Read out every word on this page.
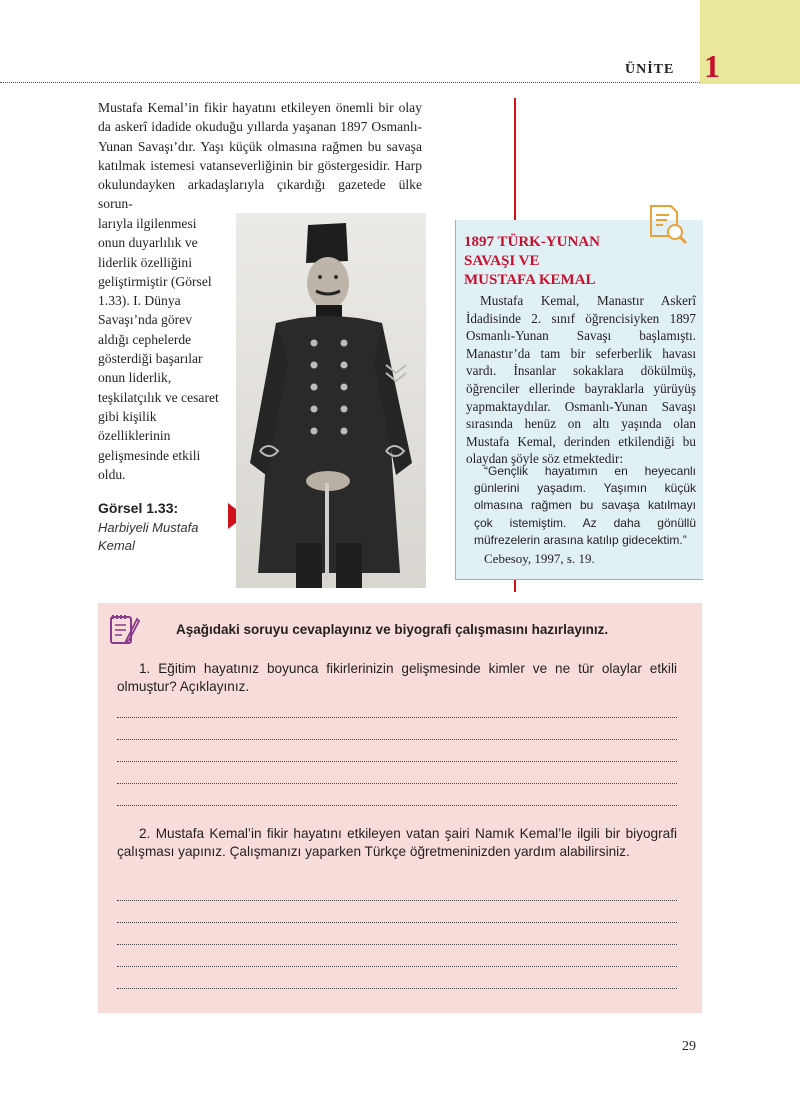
ÜNİTE 1
Mustafa Kemal’in fikir hayatını etkileyen önemli bir olay da askerî idadide okuduğu yıllarda yaşanan 1897 Osmanlı-Yunan Savaşı’dır. Yaşı küçük olmasına rağmen bu savaşa katılmak istemesi vatanseverliğinin bir göstergesidir. Harp okulundayken arkadaşlarıyla çıkardığı gazetede ülke sorun-
larıyla ilgilenmesi onun duyarlılık ve liderlik özelliğini geliştirmiştir (Görsel 1.33). I. Dünya Savaşı’nda görev aldığı cephelerde gösterdiği başarılar onun liderlik, teşkilatçılık ve cesaret gibi kişilik özelliklerinin gelişmesinde etkili oldu.
Görsel 1.33:
Harbiyeli Mustafa
Kemal
1897 TÜRK-YUNAN
SAVAŞI VE
MUSTAFA KEMAL
Mustafa Kemal, Manastır Askerî İdadisinde 2. sınıf öğrencisiyken 1897 Osmanlı-Yunan Savaşı başlamıştı. Manastır’da tam bir seferberlik havası vardı. İnsanlar sokaklara dökülmüş, öğrenciler ellerinde bayraklarla yürüyüş yapmaktaydılar. Osmanlı-Yunan Savaşı sırasında henüz on altı yaşında olan Mustafa Kemal, derinden etkilendiği bu olaydan şöyle söz etmektedir:
“Gençlik hayatımın en heyecanlı günlerini yaşadım. Yaşımın küçük olmasına rağmen bu savaşa katılmayı çok istemiştim. Az daha gönüllü müfrezelerin arasına katılıp gidecektim.”
Cebesoy, 1997, s. 19.
Aşağıdaki soruyu cevaplayınız ve biyografi çalışmasını hazırlayınız.
1. Eğitim hayatınız boyunca fikirlerinizin gelişmesinde kimler ve ne tür olaylar etkili olmuştur? Açıklayınız.
2. Mustafa Kemal’in fikir hayatını etkileyen vatan şairi Namık Kemal’le ilgili bir biyografi çalışması yapınız. Çalışmanızı yaparken Türkçe öğretmeninizden yardım alabilirsiniz.
29
